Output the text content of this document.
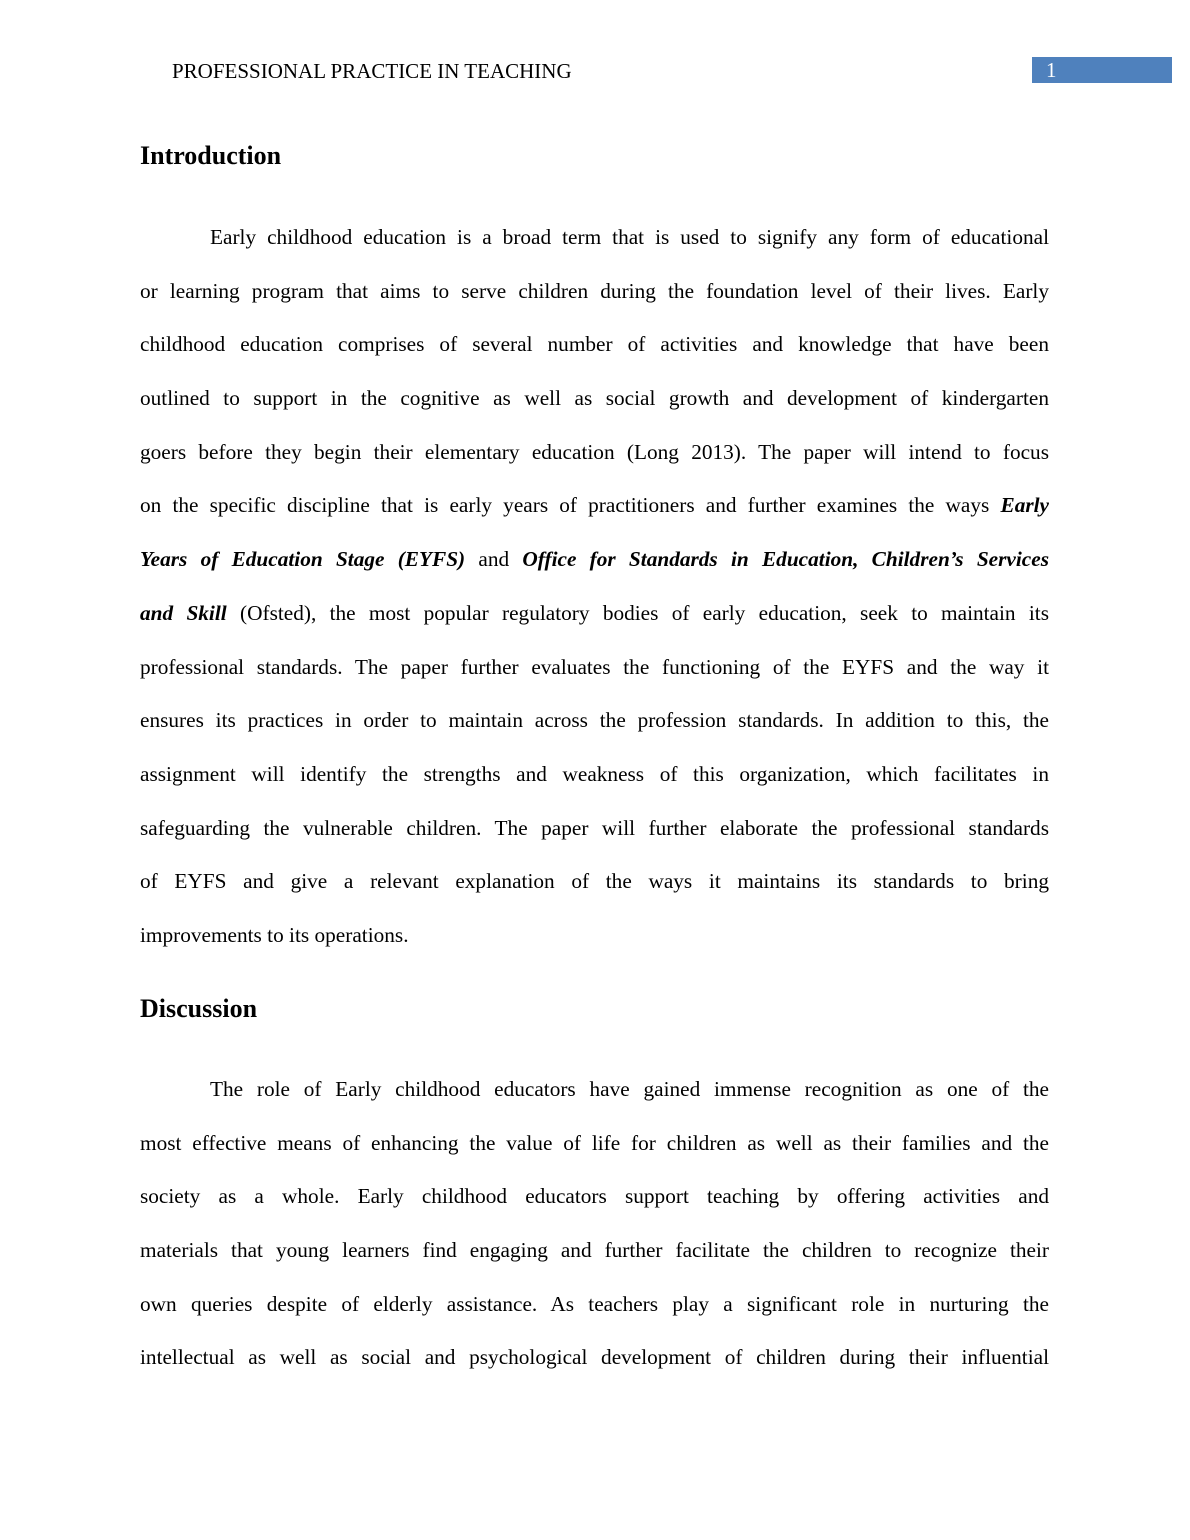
PROFESSIONAL PRACTICE IN TEACHING	1
Introduction
Early childhood education is a broad term that is used to signify any form of educational
or learning program that aims to serve children during the foundation level of their lives. Early
childhood education comprises of several number of activities and knowledge that have been
outlined to support in the cognitive as well as social growth and development of kindergarten
goers before they begin their elementary education (Long 2013). The paper will intend to focus
on the specific discipline that is early years of practitioners and further examines the ways Early
Years of Education Stage (EYFS) and Office for Standards in Education, Children’s Services
and Skill (Ofsted), the most popular regulatory bodies of early education, seek to maintain its
professional standards. The paper further evaluates the functioning of the EYFS and the way it
ensures its practices in order to maintain across the profession standards. In addition to this, the
assignment will identify the strengths and weakness of this organization, which facilitates in
safeguarding the vulnerable children. The paper will further elaborate the professional standards
of EYFS and give a relevant explanation of the ways it maintains its standards to bring
improvements to its operations.
Discussion
The role of Early childhood educators have gained immense recognition as one of the
most effective means of enhancing the value of life for children as well as their families and the
society as a whole. Early childhood educators support teaching by offering activities and
materials that young learners find engaging and further facilitate the children to recognize their
own queries despite of elderly assistance. As teachers play a significant role in nurturing the
intellectual as well as social and psychological development of children during their influential
